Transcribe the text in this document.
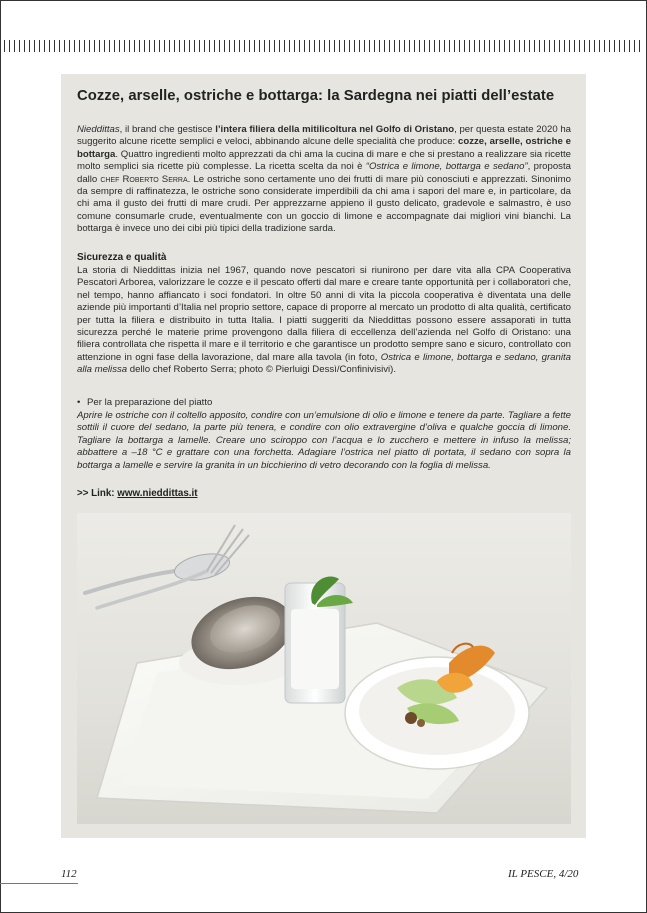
Cozze, arselle, ostriche e bottarga: la Sardegna nei piatti dell’estate
Nieddittas, il brand che gestisce l’intera filiera della mitilicoltura nel Golfo di Oristano, per questa estate 2020 ha suggerito alcune ricette semplici e veloci, abbinando alcune delle specialità che produce: cozze, arselle, ostriche e bottarga. Quattro ingredienti molto apprezzati da chi ama la cucina di mare e che si prestano a realizzare sia ricette molto semplici sia ricette più complesse. La ricetta scelta da noi è “Ostrica e limone, bottarga e sedano”, proposta dallo chef Roberto Serra. Le ostriche sono certamente uno dei frutti di mare più conosciuti e apprezzati. Sinonimo da sempre di raffinatezza, le ostriche sono considerate imperdibili da chi ama i sapori del mare e, in particolare, da chi ama il gusto dei frutti di mare crudi. Per apprezzarne appieno il gusto delicato, gradevole e salmastro, è uso comune consumarle crude, eventualmente con un goccio di limone e accompagnate dai migliori vini bianchi. La bottarga è invece uno dei cibi più tipici della tradizione sarda.
Sicurezza e qualità
La storia di Nieddittas inizia nel 1967, quando nove pescatori si riunirono per dare vita alla CPA Cooperativa Pescatori Arborea, valorizzare le cozze e il pescato offerti dal mare e creare tante opportunità per i collaboratori che, nel tempo, hanno affiancato i soci fondatori. In oltre 50 anni di vita la piccola cooperativa è diventata una delle aziende più importanti d’Italia nel proprio settore, capace di proporre al mercato un prodotto di alta qualità, certificato per tutta la filiera e distribuito in tutta Italia. I piatti suggeriti da Nieddittas possono essere assaporati in tutta sicurezza perché le materie prime provengono dalla filiera di eccellenza dell’azienda nel Golfo di Oristano: una filiera controllata che rispetta il mare e il territorio e che garantisce un prodotto sempre sano e sicuro, controllato con attenzione in ogni fase della lavorazione, dal mare alla tavola (in foto, Ostrica e limone, bottarga e sedano, granita alla melissa dello chef Roberto Serra; photo © Pierluigi Dessì/Confinivisivi).
• Per la preparazione del piatto
Aprire le ostriche con il coltello apposito, condire con un’emulsione di olio e limone e tenere da parte. Tagliare a fette sottili il cuore del sedano, la parte più tenera, e condire con olio extravergine d’oliva e qualche goccia di limone. Tagliare la bottarga a lamelle. Creare uno sciroppo con l’acqua e lo zucchero e mettere in infuso la melissa; abbattere a –18 °C e grattare con una forchetta. Adagiare l’ostrica nel piatto di portata, il sedano con sopra la bottarga a lamelle e servire la granita in un bicchierino di vetro decorando con la foglia di melissa.
>> Link: www.nieddittas.it
112	IL PESCE, 4/20
